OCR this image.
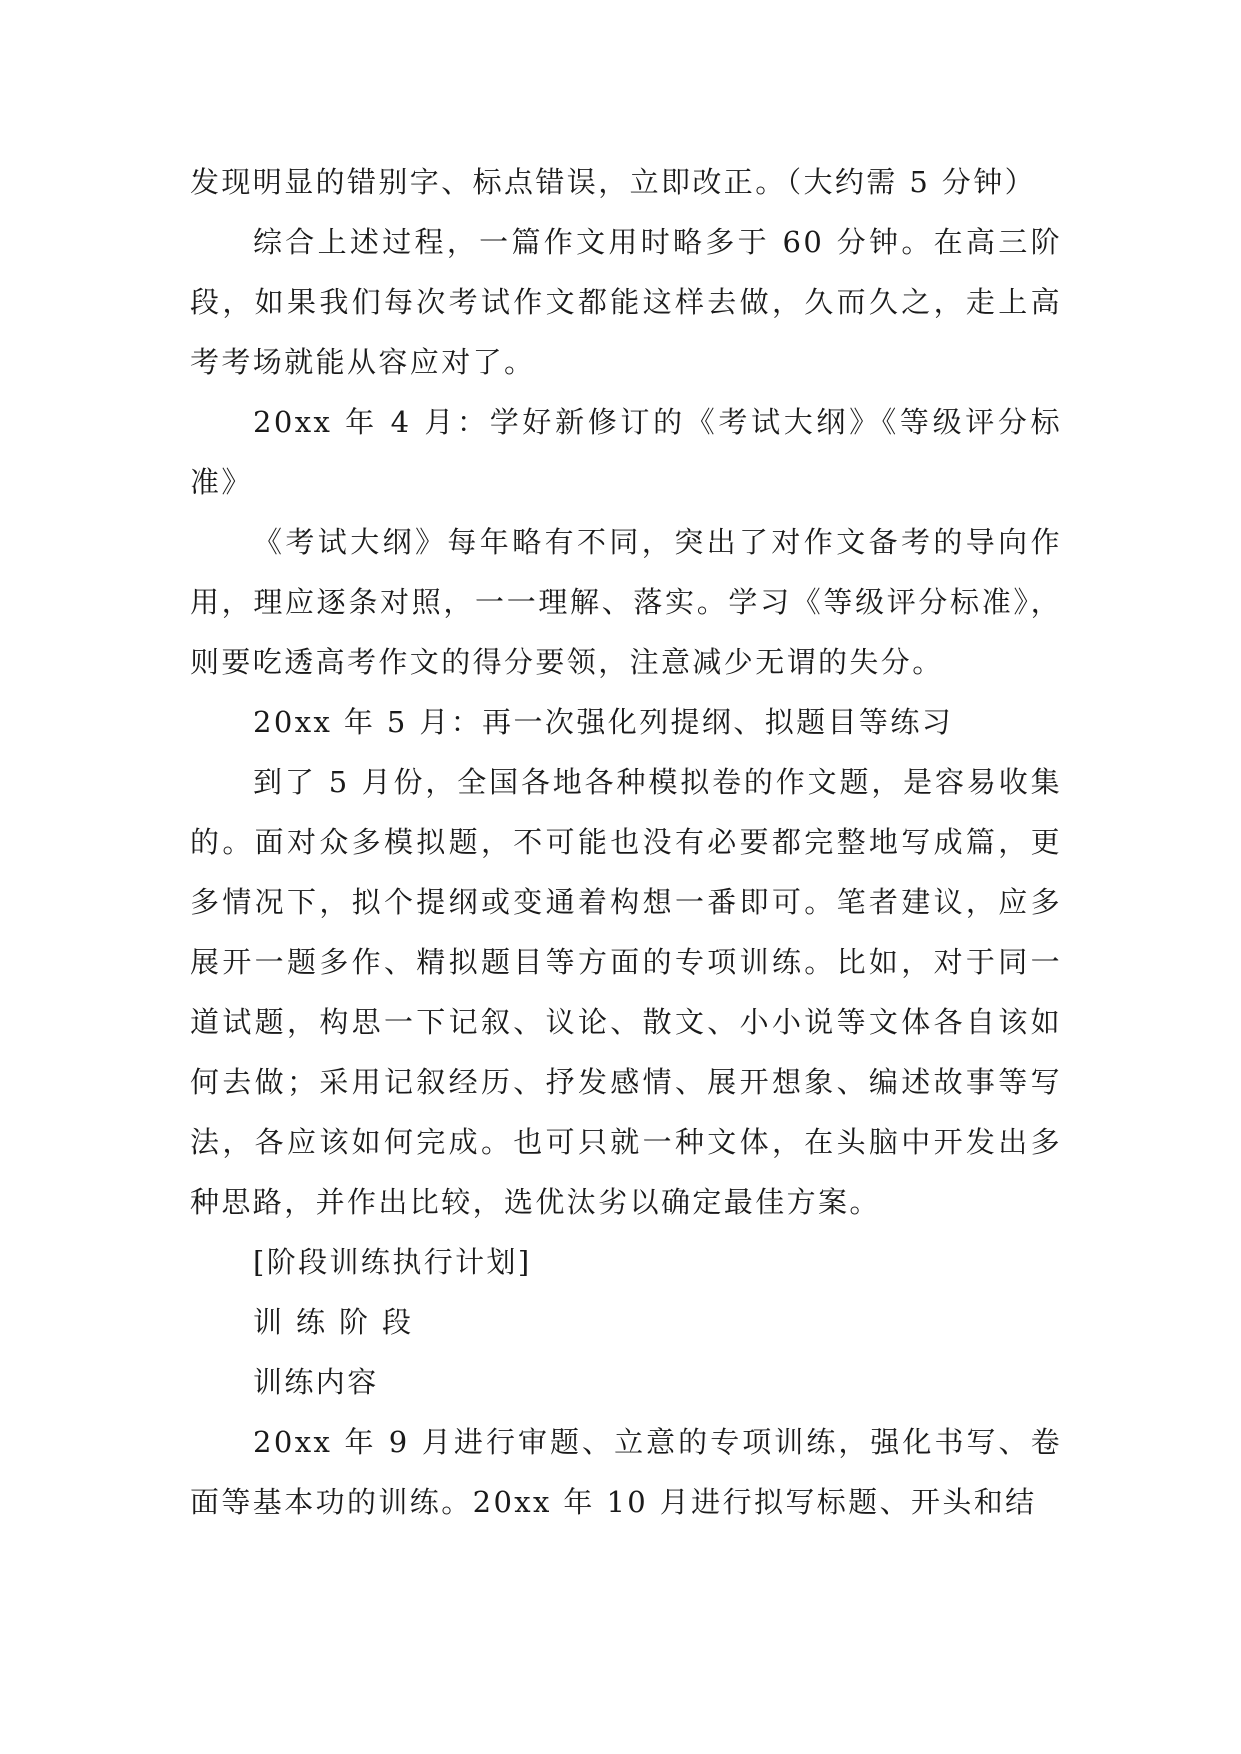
发现明显的错别字、标点错误，立即改正。（大约需 5 分钟）

综合上述过程，一篇作文用时略多于 60 分钟。在高三阶段，如果我们每次考试作文都能这样去做，久而久之，走上高考考场就能从容应对了。

20xx 年 4 月：学好新修订的《考试大纲》《等级评分标准》

《考试大纲》每年略有不同，突出了对作文备考的导向作用，理应逐条对照，一一理解、落实。学习《等级评分标准》，则要吃透高考作文的得分要领，注意减少无谓的失分。

20xx 年 5 月：再一次强化列提纲、拟题目等练习

到了 5 月份，全国各地各种模拟卷的作文题，是容易收集的。面对众多模拟题，不可能也没有必要都完整地写成篇，更多情况下，拟个提纲或变通着构想一番即可。笔者建议，应多展开一题多作、精拟题目等方面的专项训练。比如，对于同一道试题，构思一下记叙、议论、散文、小小说等文体各自该如何去做；采用记叙经历、抒发感情、展开想象、编述故事等写法，各应该如何完成。也可只就一种文体，在头脑中开发出多种思路，并作出比较，选优汰劣以确定最佳方案。

[阶段训练执行计划]

训 练 阶 段

训练内容

20xx 年 9 月进行审题、立意的专项训练，强化书写、卷面等基本功的训练。20xx 年 10 月进行拟写标题、开头和结
